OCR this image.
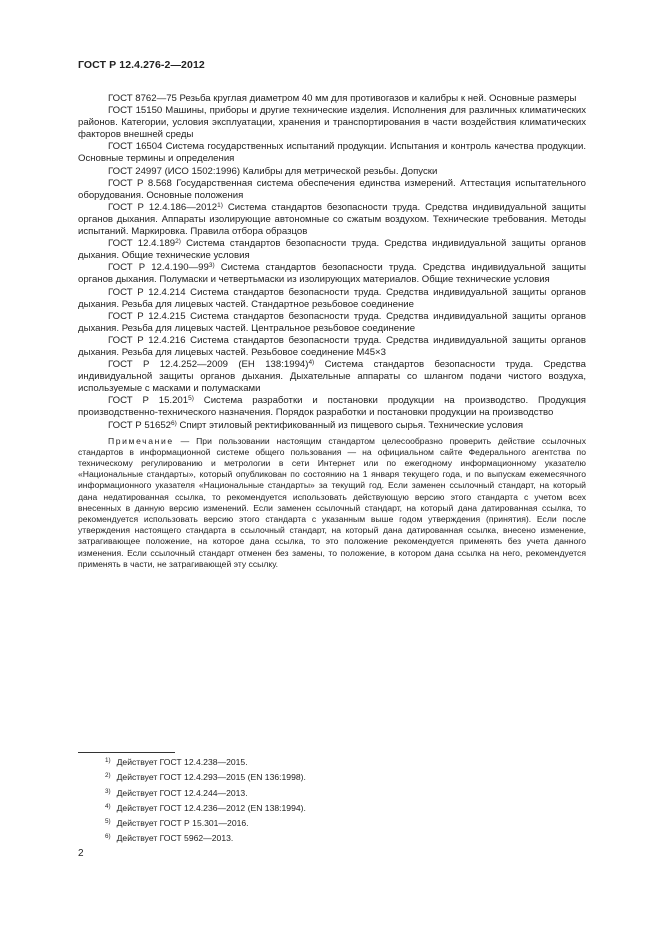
ГОСТ Р 12.4.276-2—2012

ГОСТ 8762—75 Резьба круглая диаметром 40 мм для противогазов и калибры к ней. Основные размеры

ГОСТ 15150 Машины, приборы и другие технические изделия. Исполнения для различных климатических районов. Категории, условия эксплуатации, хранения и транспортирования в части воздействия климатических факторов внешней среды

ГОСТ 16504 Система государственных испытаний продукции. Испытания и контроль качества продукции. Основные термины и определения

ГОСТ 24997 (ИСО 1502:1996) Калибры для метрической резьбы. Допуски

ГОСТ Р 8.568 Государственная система обеспечения единства измерений. Аттестация испытательного оборудования. Основные положения

ГОСТ Р 12.4.186—2012$^{1)}$ Система стандартов безопасности труда. Средства индивидуальной защиты органов дыхания. Аппараты изолирующие автономные со сжатым воздухом. Технические требования. Методы испытаний. Маркировка. Правила отбора образцов

ГОСТ 12.4.189$^{2)}$ Система стандартов безопасности труда. Средства индивидуальной защиты органов дыхания. Общие технические условия

ГОСТ Р 12.4.190—99$^{3)}$ Система стандартов безопасности труда. Средства индивидуальной защиты органов дыхания. Полумаски и четвертьмаски из изолирующих материалов. Общие технические условия

ГОСТ Р 12.4.214 Система стандартов безопасности труда. Средства индивидуальной защиты органов дыхания. Резьба для лицевых частей. Стандартное резьбовое соединение

ГОСТ Р 12.4.215 Система стандартов безопасности труда. Средства индивидуальной защиты органов дыхания. Резьба для лицевых частей. Центральное резьбовое соединение

ГОСТ Р 12.4.216 Система стандартов безопасности труда. Средства индивидуальной защиты органов дыхания. Резьба для лицевых частей. Резьбовое соединение M45×3

ГОСТ Р 12.4.252—2009 (ЕН 138:1994)$^{4)}$ Система стандартов безопасности труда. Средства индивидуальной защиты органов дыхания. Дыхательные аппараты со шлангом подачи чистого воздуха, используемые с масками и полумасками

ГОСТ Р 15.201$^{5)}$ Система разработки и постановки продукции на производство. Продукция производственно-технического назначения. Порядок разработки и постановки продукции на производство

ГОСТ Р 51652$^{6)}$ Спирт этиловый ректификованный из пищевого сырья. Технические условия

Примечание — При пользовании настоящим стандартом целесообразно проверить действие ссылочных стандартов в информационной системе общего пользования — на официальном сайте Федерального агентства по техническому регулированию и метрологии в сети Интернет или по ежегодному информационному указателю «Национальные стандарты», который опубликован по состоянию на 1 января текущего года, и по выпускам ежемесячного информационного указателя «Национальные стандарты» за текущий год. Если заменен ссылочный стандарт, на который дана недатированная ссылка, то рекомендуется использовать действующую версию этого стандарта с учетом всех внесенных в данную версию изменений. Если заменен ссылочный стандарт, на который дана датированная ссылка, то рекомендуется использовать версию этого стандарта с указанным выше годом утверждения (принятия). Если после утверждения настоящего стандарта в ссылочный стандарт, на который дана датированная ссылка, внесено изменение, затрагивающее положение, на которое дана ссылка, то это положение рекомендуется применять без учета данного изменения. Если ссылочный стандарт отменен без замены, то положение, в котором дана ссылка на него, рекомендуется применять в части, не затрагивающей эту ссылку.

$^{1)}$ Действует ГОСТ 12.4.238—2015.
$^{2)}$ Действует ГОСТ 12.4.293—2015 (EN 136:1998).
$^{3)}$ Действует ГОСТ 12.4.244—2013.
$^{4)}$ Действует ГОСТ 12.4.236—2012 (EN 138:1994).
$^{5)}$ Действует ГОСТ Р 15.301—2016.
$^{6)}$ Действует ГОСТ 5962—2013.
2
